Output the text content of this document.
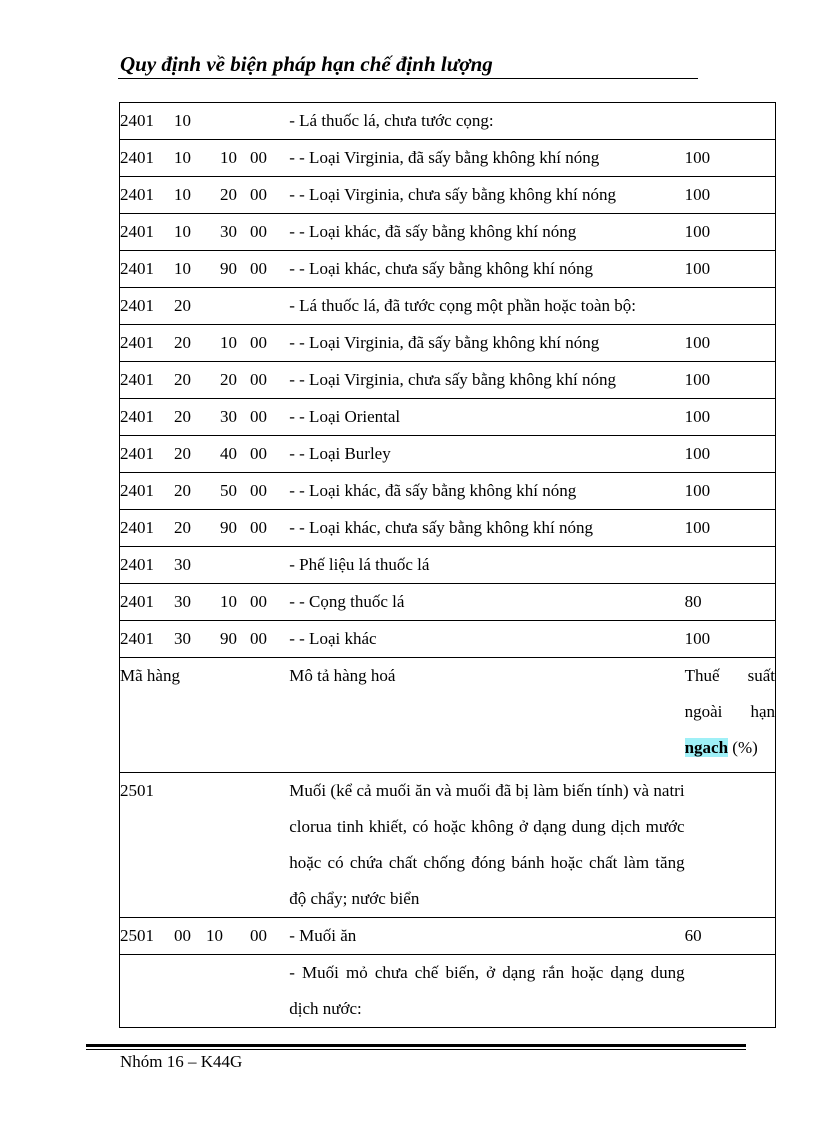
Quy định về biện pháp hạn chế định lượng
2401 10	- Lá thuốc lá, chưa tước cọng:	

2401 10 10 00	- - Loại Virginia, đã sấy bằng không khí nóng	100

2401 10 20 00	- - Loại Virginia, chưa sấy bằng không khí nóng	100

2401 10 30 00	- - Loại khác, đã sấy bằng không khí nóng	100

2401 10 90 00	- - Loại khác, chưa sấy bằng không khí nóng	100

2401 20	- Lá thuốc lá, đã tước cọng một phần hoặc toàn bộ:	

2401 20 10 00	- - Loại Virginia, đã sấy bằng không khí nóng	100

2401 20 20 00	- - Loại Virginia, chưa sấy bằng không khí nóng	100

2401 20 30 00	- - Loại Oriental	100

2401 20 40 00	- - Loại Burley	100

2401 20 50 00	- - Loại khác, đã sấy bằng không khí nóng	100

2401 20 90 00	- - Loại khác, chưa sấy bằng không khí nóng	100

2401 30	- Phế liệu lá thuốc lá	

2401 30 10 00	- - Cọng thuốc lá	80

2401 30 90 00	- - Loại khác	100
Mã hàng	Mô tả hàng hoá	Thuế suất
ngoài hạn
ngach (%)

2501	Muối (kể cả muối ăn và muối đã bị làm biến tính) và natri clorua tinh khiết, có hoặc không ở dạng dung dịch mước hoặc có chứa chất chống đóng bánh hoặc chất làm tăng độ chẩy; nước biển	

2501 00 10 00	- Muối ăn	60
	- Muối mỏ chưa chế biến, ở dạng rắn hoặc dạng dung dịch nước:	
Nhóm 16 – K44G
